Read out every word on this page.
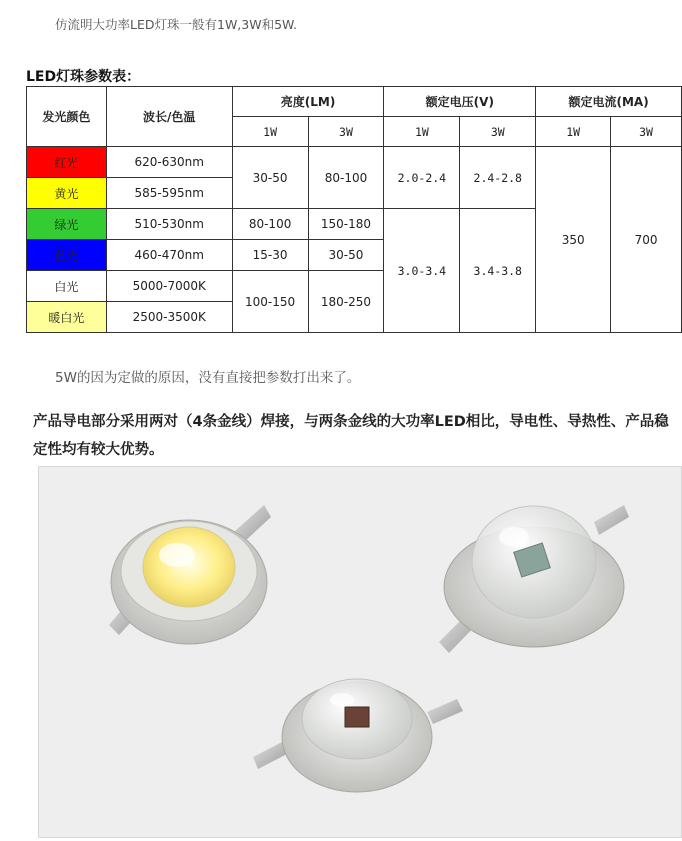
仿流明大功率LED灯珠一般有1W,3W和5W.
LED灯珠参数表：
发光颜色	波长/色温	亮度(LM)		额定电压(V)		额定电流(MA)	
		1W	3W	1W	3W	1W	3W
红光	620-630nm	30-50	80-100	2.0-2.4	2.4-2.8	350	700
黄光	585-595nm						
绿光	510-530nm	80-100	150-180	3.0-3.4	3.4-3.8		
蓝光	460-470nm	15-30	30-50				
白光	5000-7000K	100-150	180-250				
暖白光	2500-3500K						
5W的因为定做的原因，没有直接把参数打出来了。
产品导电部分采用两对（4条金线）焊接，与两条金线的大功率LED相比，导电性、导热性、产品稳定性均有较大优势。
